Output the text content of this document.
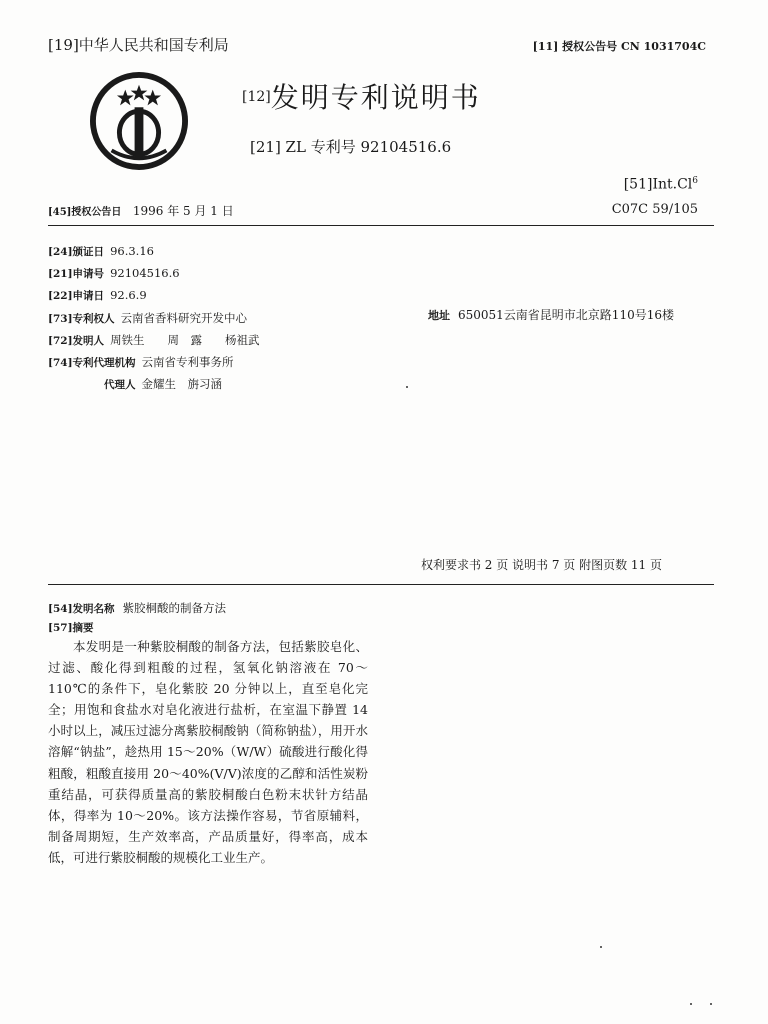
[19]中华人民共和国专利局	[11] 授权公告号 CN 1031704C
[12]发明专利说明书
[21] ZL 专利号 92104516.6
[51]Int.Cl$^6$
[45]授权公告日 1996 年 5 月 1 日	C07C 59/105
[24]颁证日 96.3.16
[21]申请号 92104516.6
[22]申请日 92.6.9
[73]专利权人 云南省香料研究开发中心
[72]发明人 周铁生　　周　露　　杨祖武
[74]专利代理机构 云南省专利事务所
代理人 金耀生　旃习涵
地址 650051云南省昆明市北京路110号16楼
权利要求书 2 页 说明书 7 页 附图页数 11 页
[54]发明名称 紫胶桐酸的制备方法
[57]摘要

本发明是一种紫胶桐酸的制备方法，包括紫胶皂化、过滤、酸化得到粗酸的过程，氢氧化钠溶液在 70～110℃的条件下，皂化紫胶 20 分钟以上，直至皂化完全；用饱和食盐水对皂化液进行盐析，在室温下静置 14 小时以上，减压过滤分离紫胶桐酸钠（简称钠盐），用开水溶解“钠盐”，趁热用 15～20%（W/W）硫酸进行酸化得粗酸，粗酸直接用 20～40%(V/V)浓度的乙醇和活性炭粉重结晶，可获得质量高的紫胶桐酸白色粉末状针方结晶体，得率为 10～20%。该方法操作容易，节省原辅料，制备周期短，生产效率高，产品质量好，得率高，成本低，可进行紫胶桐酸的规模化工业生产。
